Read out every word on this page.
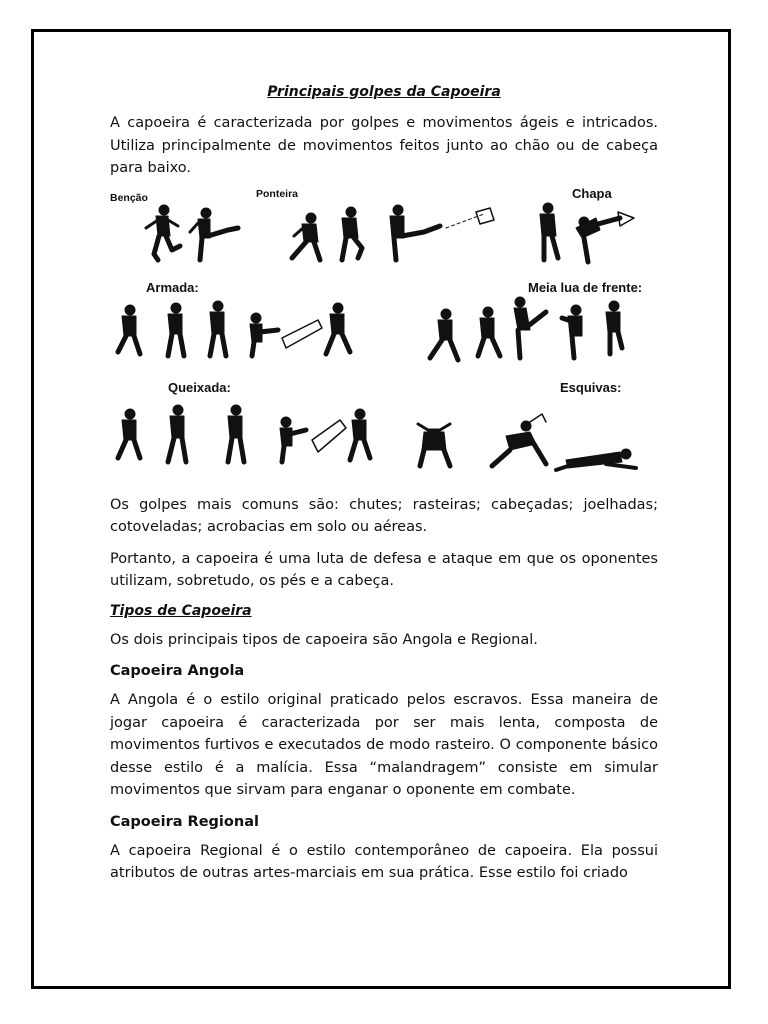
Principais golpes da Capoeira

A capoeira é caracterizada por golpes e movimentos ágeis e intricados. Utiliza principalmente de movimentos feitos junto ao chão ou de cabeça para baixo.

Benção	Ponteira	Chapa
Armada:	Meia lua de frente:
Queixada:	Esquivas:

Os golpes mais comuns são: chutes; rasteiras; cabeçadas; joelhadas; cotoveladas; acrobacias em solo ou aéreas.

Portanto, a capoeira é uma luta de defesa e ataque em que os oponentes utilizam, sobretudo, os pés e a cabeça.

Tipos de Capoeira

Os dois principais tipos de capoeira são Angola e Regional.

Capoeira Angola

A Angola é o estilo original praticado pelos escravos. Essa maneira de jogar capoeira é caracterizada por ser mais lenta, composta de movimentos furtivos e executados de modo rasteiro. O componente básico desse estilo é a malícia. Essa “malandragem” consiste em simular movimentos que sirvam para enganar o oponente em combate.

Capoeira Regional

A capoeira Regional é o estilo contemporâneo de capoeira. Ela possui atributos de outras artes-marciais em sua prática. Esse estilo foi criado
